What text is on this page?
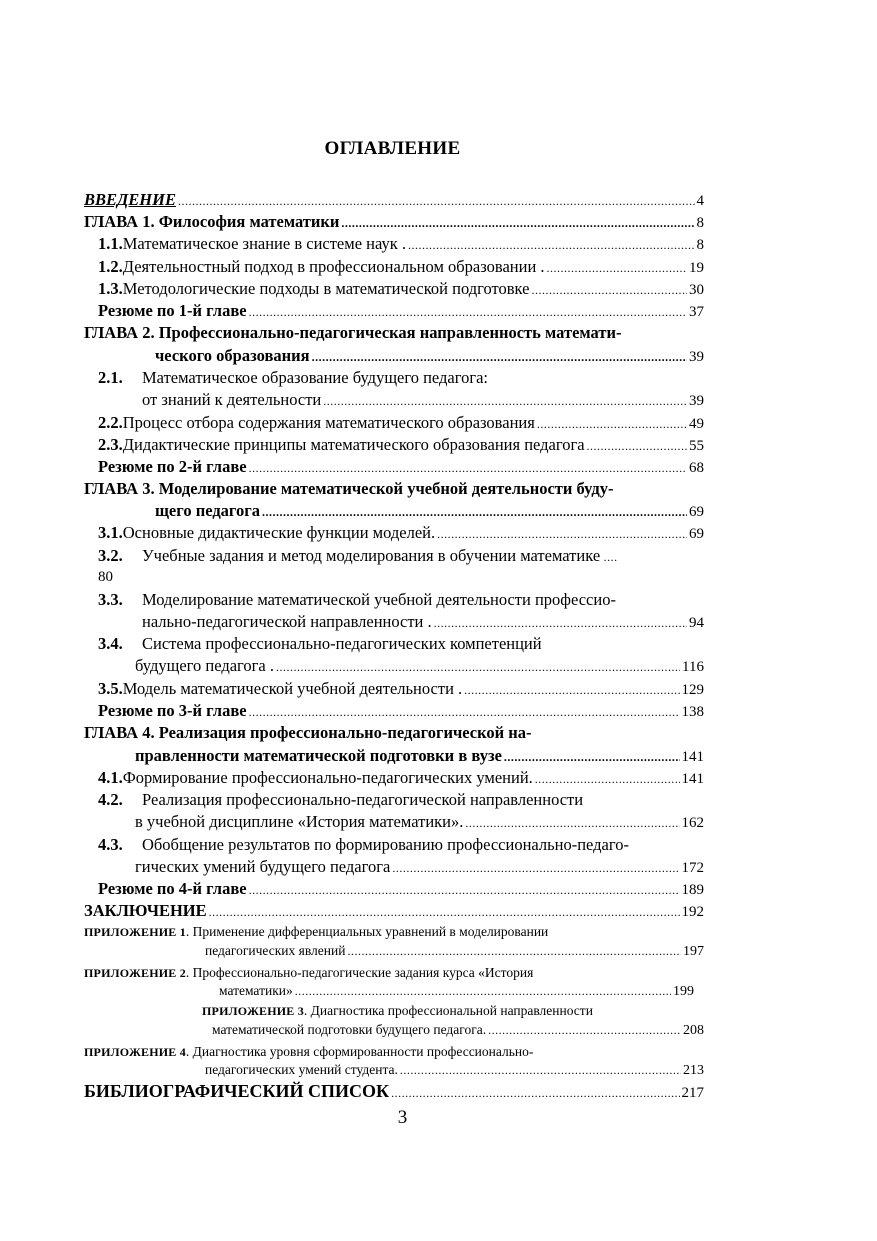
ОГЛАВЛЕНИЕ
ВВЕДЕНИЕ .....	4
ГЛАВА 1. Философия математики .....	8
1.1. Математическое знание в системе наук . .....	8
1.2. Деятельностный подход в профессиональном образовании . .....	19
1.3. Методологические подходы в математической подготовке .....	30
Резюме по 1-й главе .....	37
ГЛАВА 2. Профессионально-педагогическая направленность математи-
ческого образования .....	39
2.1. Математическое образование будущего педагога:
от знаний к деятельности .....	39
2.2. Процесс отбора содержания математического образования .....	49
2.3. Дидактические принципы математического образования педагога .....	55
Резюме по 2-й главе .....	68
ГЛАВА 3. Моделирование математической учебной деятельности буду-
щего педагога .....	69
3.1. Основные дидактические функции моделей. .....	69
3.2. Учебные задания и метод моделирования в обучении математике ....
80
3.3. Моделирование математической учебной деятельности профессио-
нально-педагогической направленности . .....	94
3.4. Система профессионально-педагогических компетенций
будущего педагога . .....	116
3.5. Модель математической учебной деятельности . .....	129
Резюме по 3-й главе .....	138
ГЛАВА 4. Реализация профессионально-педагогической на-
правленности математической подготовки в вузе .....	141
4.1. Формирование профессионально-педагогических умений. .....	141
4.2. Реализация профессионально-педагогической направленности
в учебной дисциплине «История математики». .....	162
4.3. Обобщение результатов по формированию профессионально-педаго-
гических умений будущего педагога .....	172
Резюме по 4-й главе .....	189
ЗАКЛЮЧЕНИЕ .....	192
ПРИЛОЖЕНИЕ 1. Применение дифференциальных уравнений в моделировании
педагогических явлений .....	197
ПРИЛОЖЕНИЕ 2. Профессионально-педагогические задания курса «История
математики» .....	199
ПРИЛОЖЕНИЕ 3. Диагностика профессиональной направленности
математической подготовки будущего педагога. .....	208
ПРИЛОЖЕНИЕ 4. Диагностика уровня сформированности профессионально-
педагогических умений студента. .....	213
БИБЛИОГРАФИЧЕСКИЙ СПИСОК .....	217
3
